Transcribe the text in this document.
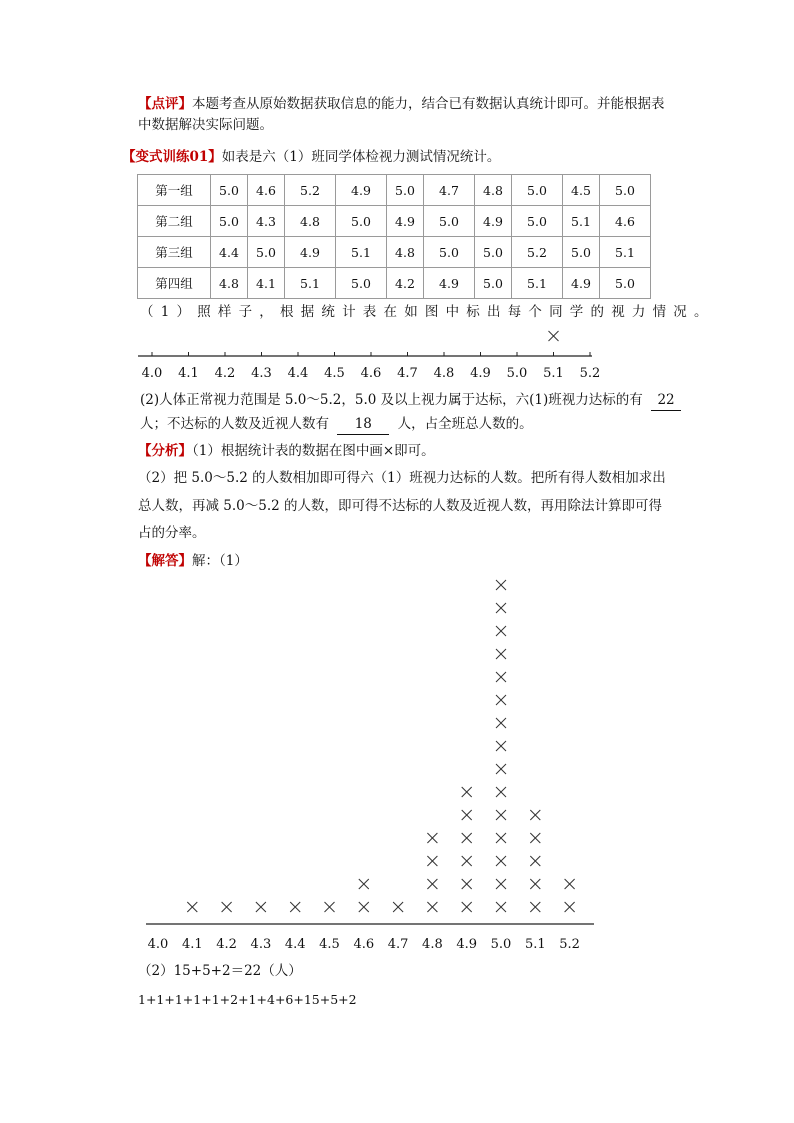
【点评】本题考查从原始数据获取信息的能力，结合已有数据认真统计即可。并能根据表
中数据解决实际问题。
【变式训练01】如表是六（1）班同学体检视力测试情况统计。
第一组	5.0	4.6	5.2	4.9	5.0	4.7	4.8	5.0	4.5	5.0
第二组	5.0	4.3	4.8	5.0	4.9	5.0	4.9	5.0	5.1	4.6
第三组	4.4	5.0	4.9	5.1	4.8	5.0	5.0	5.2	5.0	5.1
第四组	4.8	4.1	5.1	5.0	4.2	4.9	5.0	5.1	4.9	5.0
（1）照样子，根据统计表在如图中标出每个同学的视力情况。
4.0 4.1 4.2 4.3 4.4 4.5 4.6 4.7 4.8 4.9 5.0 5.1 5.2
(2)人体正常视力范围是 5.0～5.2，5.0 及以上视力属于达标，六(1)班视力达标的有 22
人；不达标的人数及近视人数有 18 人，占全班总人数的。
【分析】（1）根据统计表的数据在图中画×即可。
（2）把 5.0～5.2 的人数相加即可得六（1）班视力达标的人数。把所有得人数相加求出
总人数，再减 5.0～5.2 的人数，即可得不达标的人数及近视人数，再用除法计算即可得
占的分率。
【解答】解：（1）
4.0 4.1 4.2 4.3 4.4 4.5 4.6 4.7 4.8 4.9 5.0 5.1 5.2
（2）15+5+2＝22（人）
1+1+1+1+1+2+1+4+6+15+5+2
